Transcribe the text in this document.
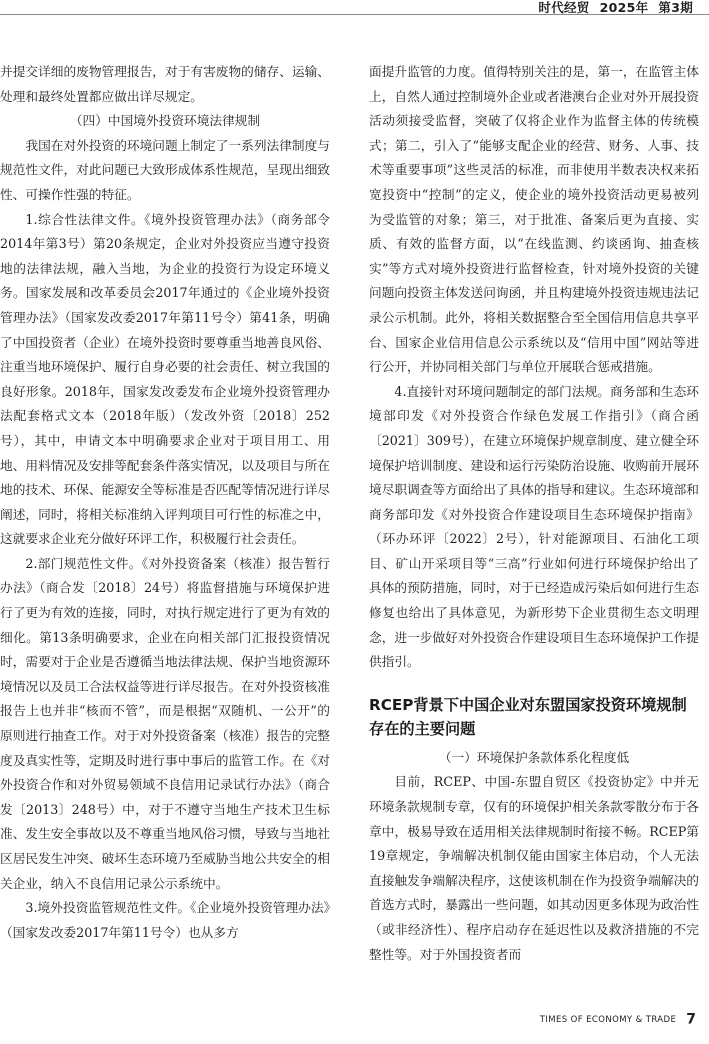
时代经贸 2025年 第3期

并提交详细的废物管理报告，对于有害废物的储存、运输、处理和最终处置都应做出详尽规定。

（四）中国境外投资环境法律规制

我国在对外投资的环境问题上制定了一系列法律制度与规范性文件，对此问题已大致形成体系性规范，呈现出细致性、可操作性强的特征。

1.综合性法律文件。《境外投资管理办法》（商务部令2014年第3号）第20条规定，企业对外投资应当遵守投资地的法律法规，融入当地，为企业的投资行为设定环境义务。国家发展和改革委员会2017年通过的《企业境外投资管理办法》（国家发改委2017年第11号令）第41条，明确了中国投资者（企业）在境外投资时要尊重当地善良风俗、注重当地环境保护、履行自身必要的社会责任、树立我国的良好形象。2018年，国家发改委发布企业境外投资管理办法配套格式文本（2018年版）（发改外资〔2018〕252号），其中，申请文本中明确要求企业对于项目用工、用地、用料情况及安排等配套条件落实情况，以及项目与所在地的技术、环保、能源安全等标准是否匹配等情况进行详尽阐述，同时，将相关标准纳入评判项目可行性的标准之中，这就要求企业充分做好环评工作，积极履行社会责任。

2.部门规范性文件。《对外投资备案（核准）报告暂行办法》（商合发〔2018〕24号）将监督措施与环境保护进行了更为有效的连接，同时，对执行规定进行了更为有效的细化。第13条明确要求，企业在向相关部门汇报投资情况时，需要对于企业是否遵循当地法律法规、保护当地资源环境情况以及员工合法权益等进行详尽报告。在对外投资核准报告上也并非“核而不管”，而是根据“双随机、一公开”的原则进行抽查工作。对于对外投资备案（核准）报告的完整度及真实性等，定期及时进行事中事后的监管工作。在《对外投资合作和对外贸易领域不良信用记录试行办法》（商合发〔2013〕248号）中，对于不遵守当地生产技术卫生标准、发生安全事故以及不尊重当地风俗习惯，导致与当地社区居民发生冲突、破坏生态环境乃至威胁当地公共安全的相关企业，纳入不良信用记录公示系统中。

3.境外投资监管规范性文件。《企业境外投资管理办法》（国家发改委2017年第11号令）也从多方

面提升监管的力度。值得特别关注的是，第一，在监管主体上，自然人通过控制境外企业或者港澳台企业对外开展投资活动须接受监督，突破了仅将企业作为监督主体的传统模式；第二，引入了“能够支配企业的经营、财务、人事、技术等重要事项”这些灵活的标准，而非使用半数表决权来拓宽投资中“控制”的定义，使企业的境外投资活动更易被列为受监管的对象；第三，对于批准、备案后更为直接、实质、有效的监督方面，以“在线监测、约谈函询、抽查核实”等方式对境外投资进行监督检查，针对境外投资的关键问题向投资主体发送问询函，并且构建境外投资违规违法记录公示机制。此外，将相关数据整合至全国信用信息共享平台、国家企业信用信息公示系统以及“信用中国”网站等进行公开，并协同相关部门与单位开展联合惩戒措施。

4.直接针对环境问题制定的部门法规。商务部和生态环境部印发《对外投资合作绿色发展工作指引》（商合函〔2021〕309号），在建立环境保护规章制度、建立健全环境保护培训制度、建设和运行污染防治设施、收购前开展环境尽职调查等方面给出了具体的指导和建议。生态环境部和商务部印发《对外投资合作建设项目生态环境保护指南》（环办环评〔2022〕2号），针对能源项目、石油化工项目、矿山开采项目等“三高”行业如何进行环境保护给出了具体的预防措施，同时，对于已经造成污染后如何进行生态修复也给出了具体意见，为新形势下企业贯彻生态文明理念，进一步做好对外投资合作建设项目生态环境保护工作提供指引。

RCEP背景下中国企业对东盟国家投资环境规制存在的主要问题

（一）环境保护条款体系化程度低

目前，RCEP、中国-东盟自贸区《投资协定》中并无环境条款规制专章，仅有的环境保护相关条款零散分布于各章中，极易导致在适用相关法律规制时衔接不畅。RCEP第19章规定，争端解决机制仅能由国家主体启动，个人无法直接触发争端解决程序，这使该机制在作为投资争端解决的首选方式时，暴露出一些问题，如其动因更多体现为政治性（或非经济性）、程序启动存在延迟性以及救济措施的不完整性等。对于外国投资者而

TIMES OF ECONOMY & TRADE 7
